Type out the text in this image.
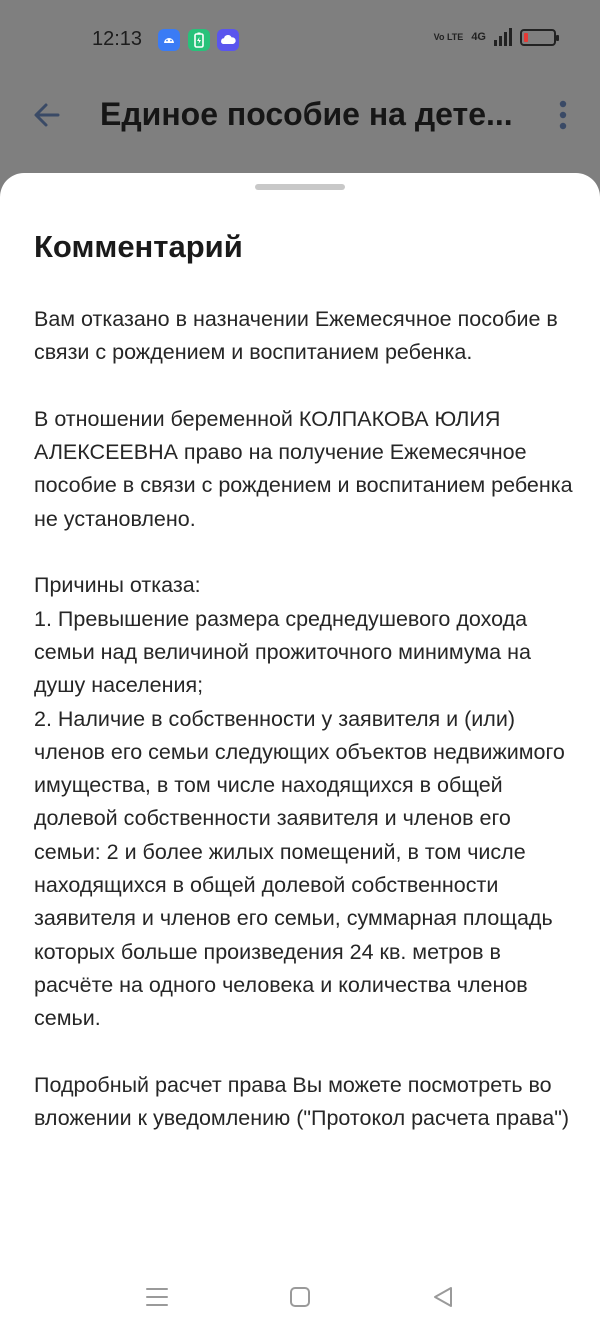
12:13	Vo LTE 4G
Единое пособие на дете...
Комментарий
Вам отказано в назначении Ежемесячное пособие в связи с рождением и воспитанием ребенка.

В отношении беременной КОЛПАКОВА ЮЛИЯ АЛЕКСЕЕВНА право на получение Ежемесячное пособие в связи с рождением и воспитанием ребенка не установлено.

Причины отказа:
1. Превышение размера среднедушевого дохода семьи над величиной прожиточного минимума на душу населения;
2. Наличие в собственности у заявителя и (или) членов его семьи следующих объектов недвижимого имущества, в том числе находящихся в общей долевой собственности заявителя и членов его семьи: 2 и более жилых помещений, в том числе находящихся в общей долевой собственности заявителя и членов его семьи, суммарная площадь которых больше произведения 24 кв. метров в расчёте на одного человека и количества членов семьи.

Подробный расчет права Вы можете посмотреть во вложении к уведомлению ("Протокол расчета права")
